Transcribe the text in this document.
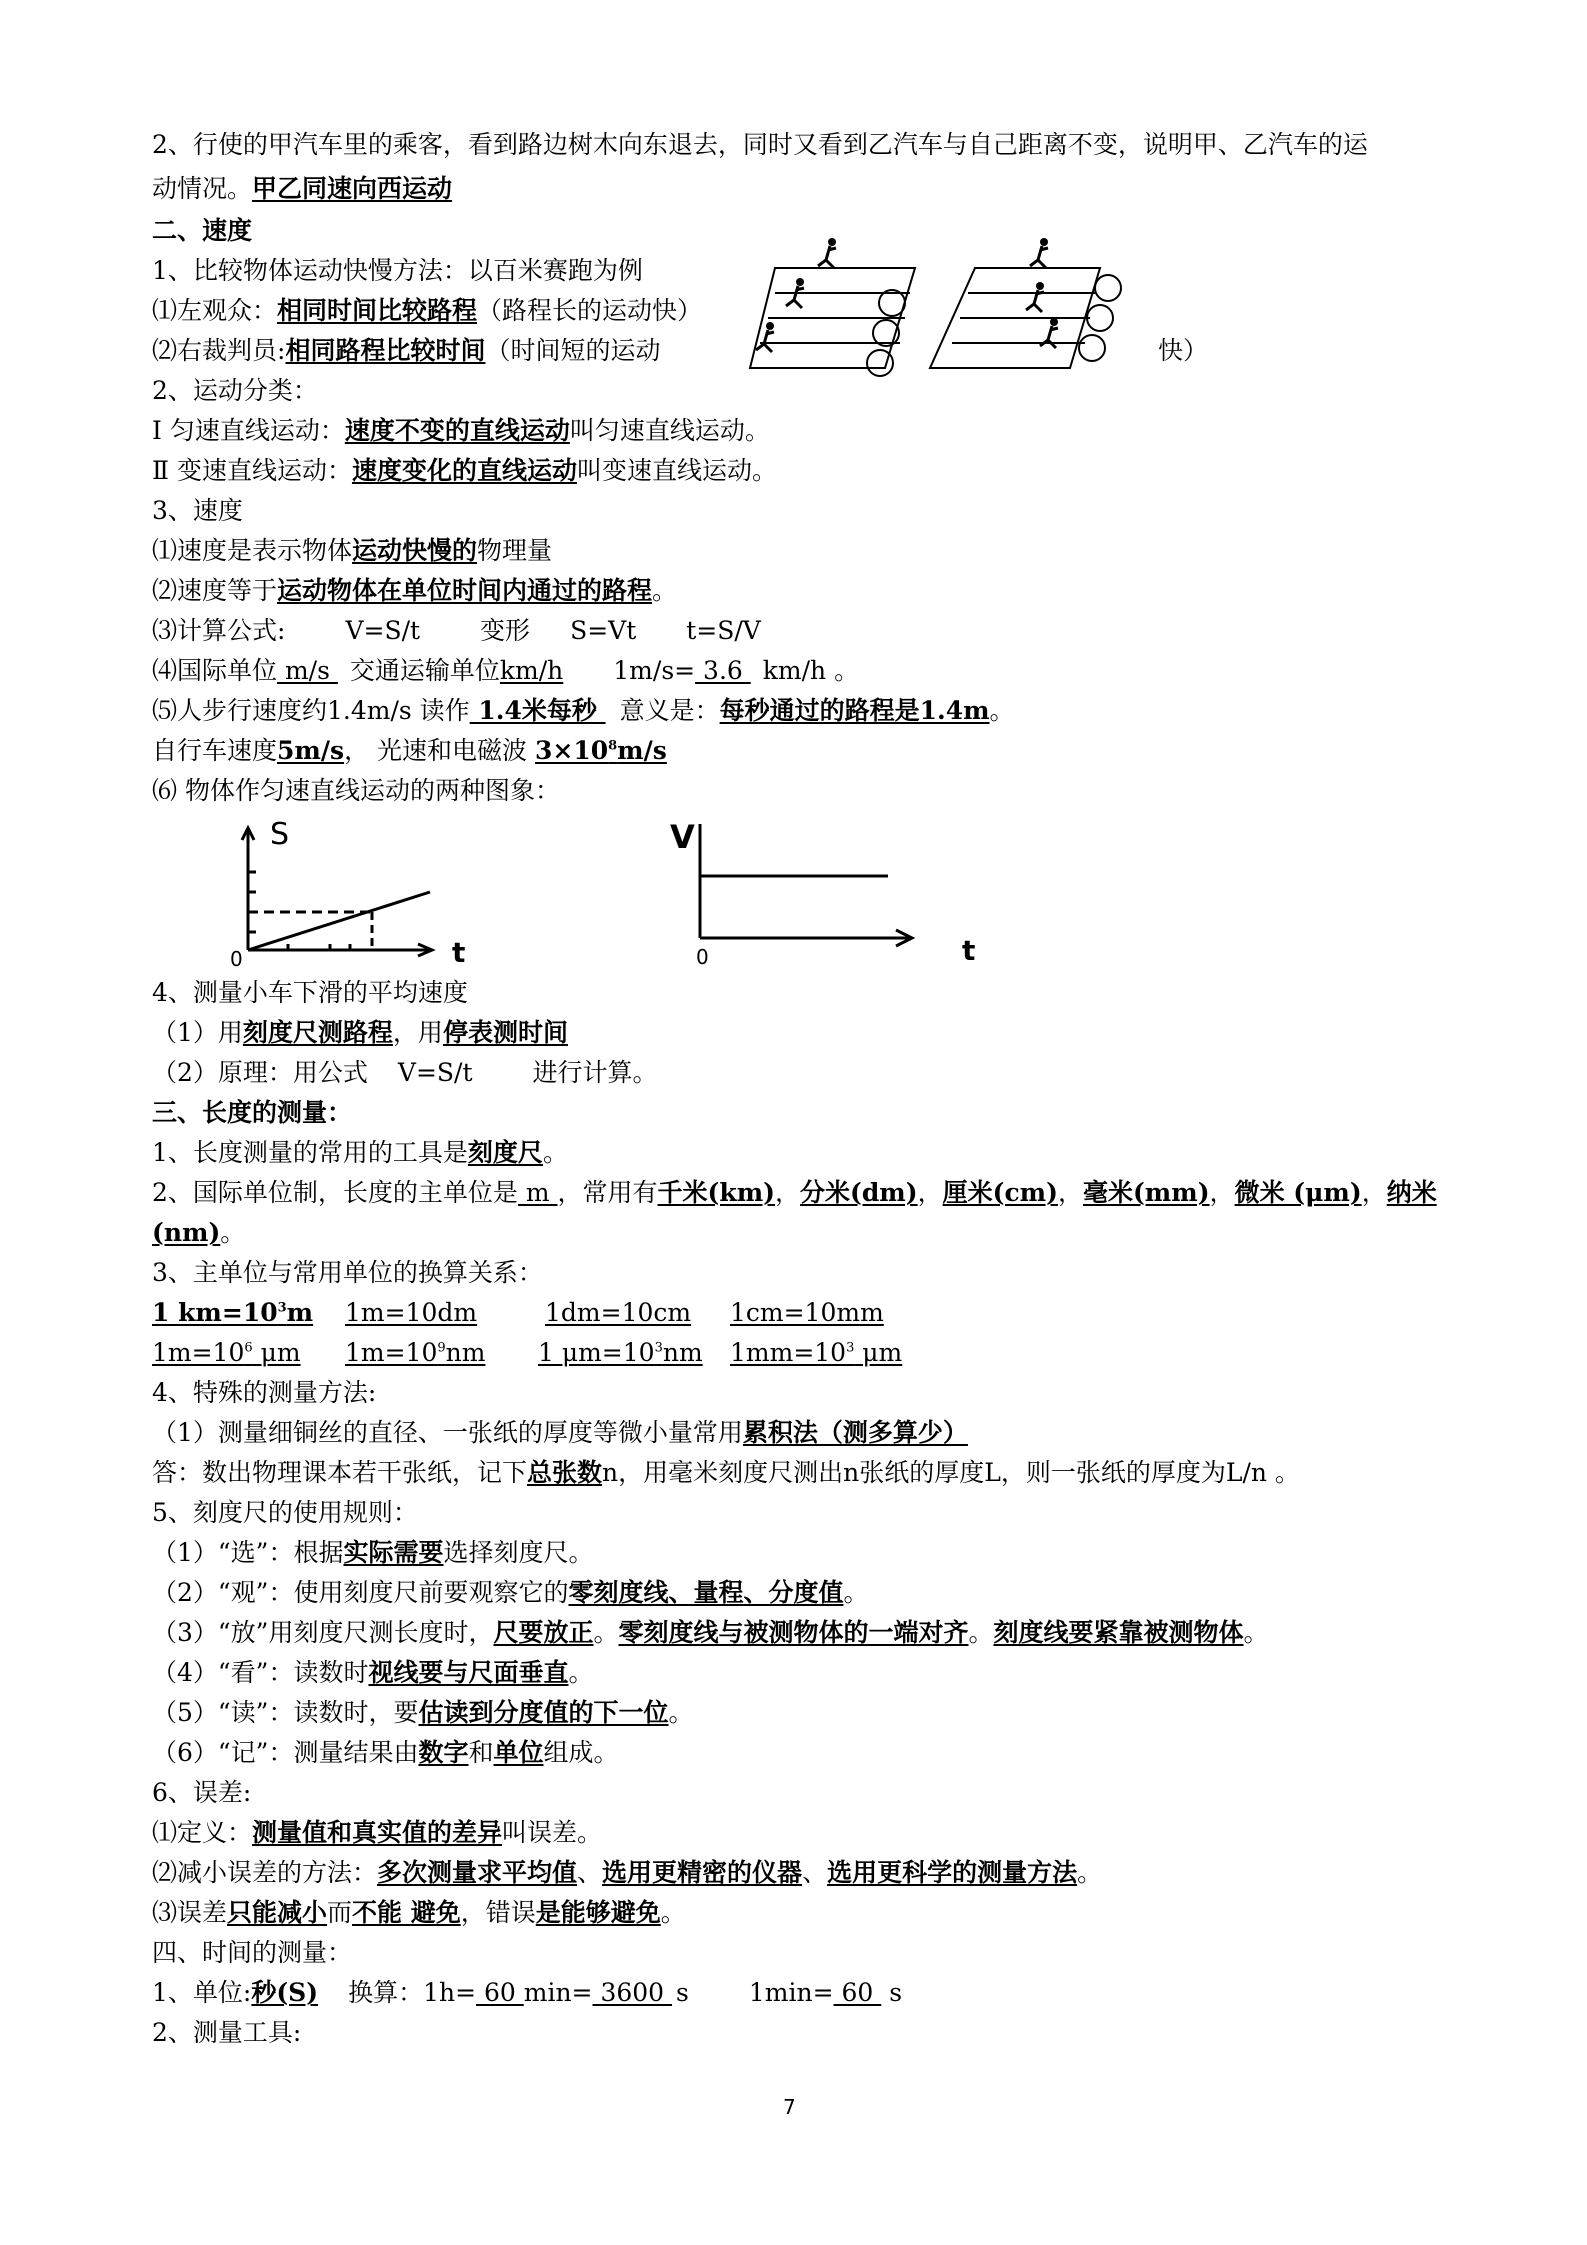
2、行使的甲汽车里的乘客，看到路边树木向东退去，同时又看到乙汽车与自己距离不变，说明甲、乙汽车的运
动情况。甲乙同速向西运动
二、速度
1、比较物体运动快慢方法：以百米赛跑为例
⑴左观众：相同时间比较路程（路程长的运动快）
⑵右裁判员:相同路程比较时间（时间短的运动	快）
2、运动分类：
Ⅰ 匀速直线运动：速度不变的直线运动叫匀速直线运动。
Ⅱ 变速直线运动：速度变化的直线运动叫变速直线运动。
3、速度
⑴速度是表示物体运动快慢的物理量
⑵速度等于运动物体在单位时间内通过的路程。
⑶计算公式: V=S/t 变形 S=Vt t=S/V
⑷国际单位 m/s 交通运输单位km/h 1m/s= 3.6 km/h 。
⑸人步行速度约1.4m/s 读作 1.4米每秒 意义是：每秒通过的路程是1.4m。
自行车速度5m/s， 光速和电磁波 $3\times 10^8m/s$
⑹ 物体作匀速直线运动的两种图象：
S
t
0
V
t
0
4、测量小车下滑的平均速度
（1）用刻度尺测路程，用停表测时间
（2）原理：用公式 V=S/t 进行计算。
三、长度的测量：
1、长度测量的常用的工具是刻度尺。
2、国际单位制，长度的主单位是 m ，常用有千米(km)，分米(dm)，厘米(cm)，毫米(mm)，微米 (μm)，纳米
(nm)。
3、主单位与常用单位的换算关系：
1 $km=10^3m$ 1m=10dm	1dm=10cm 1cm=10mm
$1m=10^6$ μm $1m=10^9nm$ 1 $\mu m=10^3nm$ $1mm=10^3$ μm
4、特殊的测量方法:
（1）测量细铜丝的直径、一张纸的厚度等微小量常用累积法（测多算少）
答：数出物理课本若干张纸，记下总张数n，用毫米刻度尺测出n张纸的厚度L，则一张纸的厚度为L/n 。
5、刻度尺的使用规则：
（1）“选”：根据实际需要选择刻度尺。
（2）“观”：使用刻度尺前要观察它的零刻度线、量程、分度值。
（3）“放”用刻度尺测长度时，尺要放正。零刻度线与被测物体的一端对齐。刻度线要紧靠被测物体。
（4）“看”：读数时视线要与尺面垂直。
（5）“读”：读数时，要估读到分度值的下一位。
（6）“记”：测量结果由数字和单位组成。
6、误差:
⑴定义：测量值和真实值的差异叫误差。
⑵减小误差的方法：多次测量求平均值、选用更精密的仪器、选用更科学的测量方法。
⑶误差只能减小而不能 避免，错误是能够避免。
四、时间的测量：
1、单位:秒(S) 换算：1h= 60 min= 3600 s 1min= 60 s
2、测量工具:
7
